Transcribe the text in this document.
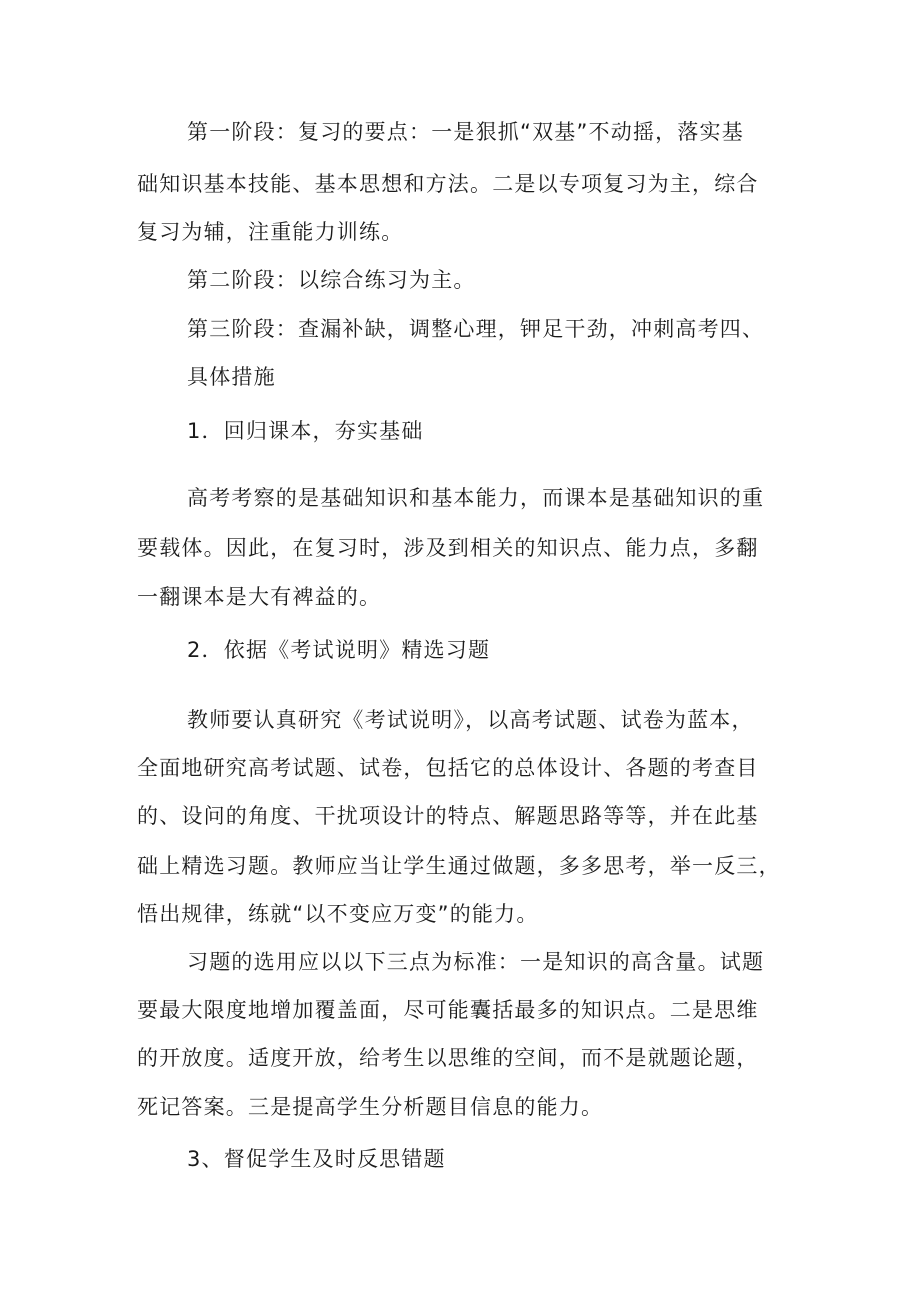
第一阶段：复习的要点：一是狠抓“双基”不动摇，落实基
础知识基本技能、基本思想和方法。二是以专项复习为主，综合
复习为辅，注重能力训练。
第二阶段：以综合练习为主。
第三阶段：查漏补缺，调整心理，钾足干劲，冲刺高考四、
具体措施
1．回归课本，夯实基础
高考考察的是基础知识和基本能力，而课本是基础知识的重
要载体。因此，在复习时，涉及到相关的知识点、能力点，多翻
一翻课本是大有裨益的。
2．依据《考试说明》精选习题
教师要认真研究《考试说明》，以高考试题、试卷为蓝本，
全面地研究高考试题、试卷，包括它的总体设计、各题的考查目
的、设问的角度、干扰项设计的特点、解题思路等等，并在此基
础上精选习题。教师应当让学生通过做题，多多思考，举一反三，
悟出规律，练就“以不变应万变”的能力。
习题的选用应以以下三点为标准：一是知识的高含量。试题
要最大限度地增加覆盖面，尽可能囊括最多的知识点。二是思维
的开放度。适度开放，给考生以思维的空间，而不是就题论题，
死记答案。三是提高学生分析题目信息的能力。
3、督促学生及时反思错题
